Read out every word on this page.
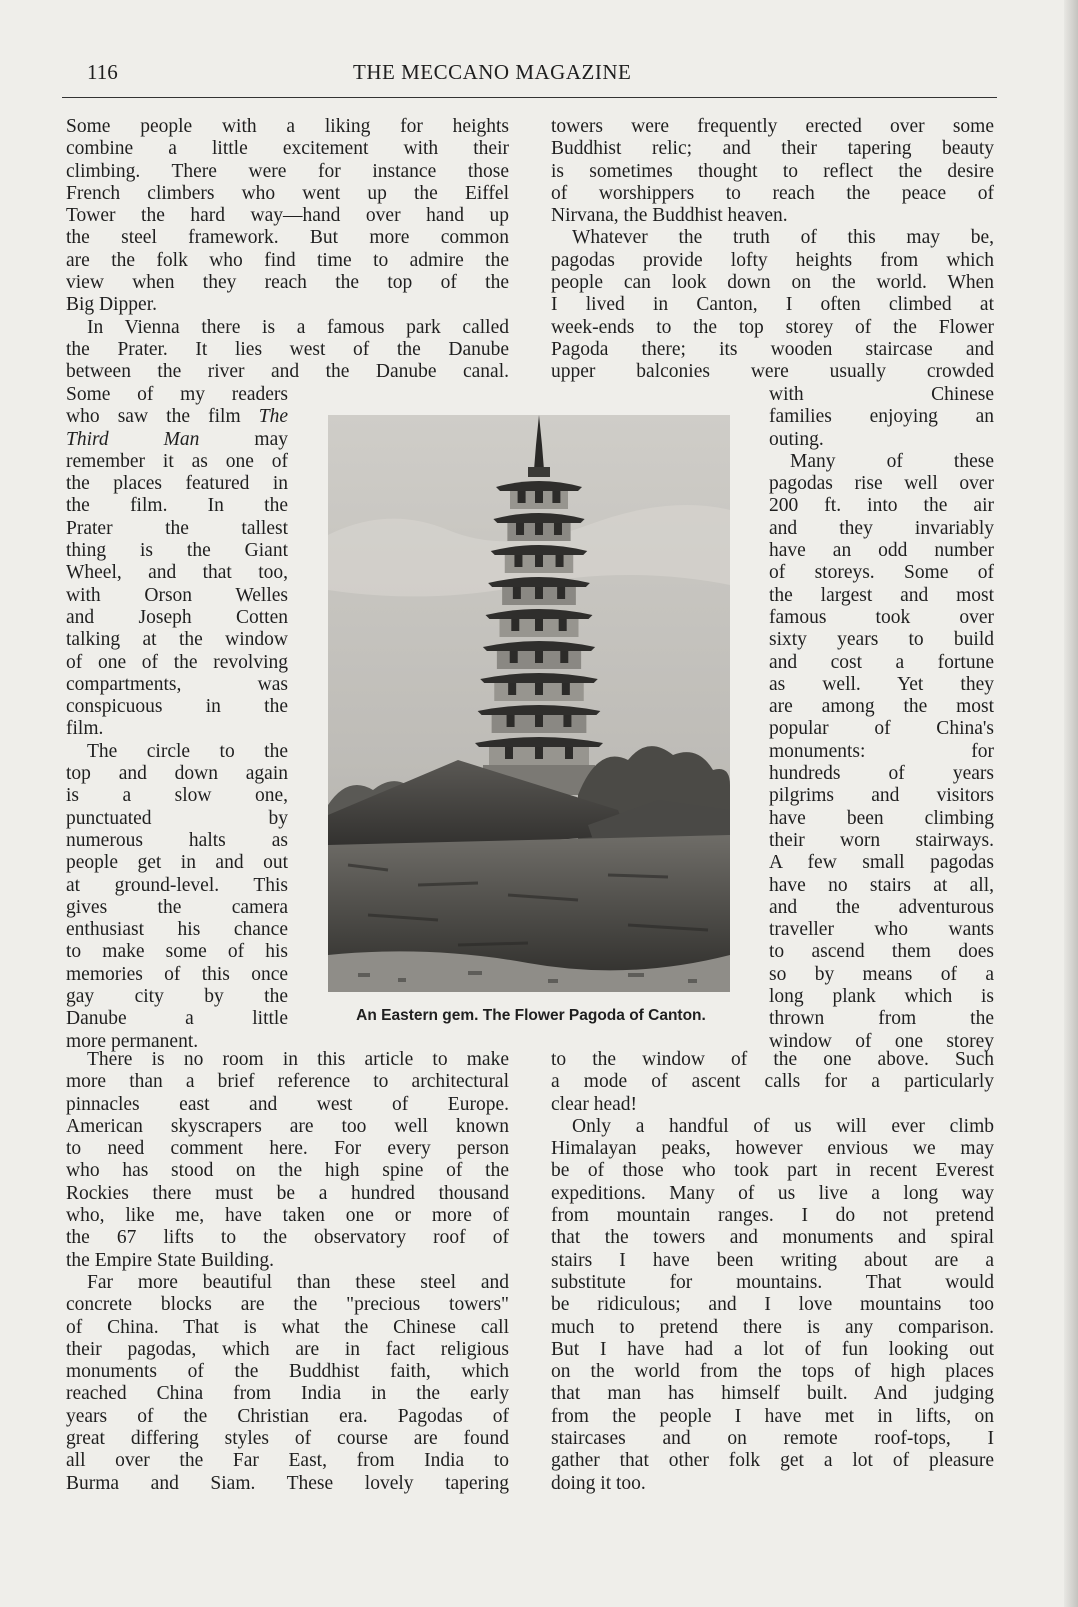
116	THE MECCANO MAGAZINE

Some people with a liking for heights

combine a little excitement with their

climbing. There were for instance those

French climbers who went up the Eiffel

Tower the hard way—hand over hand up

the steel framework. But more common

are the folk who find time to admire the

view when they reach the top of the

Big Dipper.

In Vienna there is a famous park called

the Prater. It lies west of the Danube

between the river and the Danube canal.

Some of my readers

who saw the film The

Third Man may

remember it as one of

the places featured in

the film. In the

Prater the tallest

thing is the Giant

Wheel, and that too,

with Orson Welles

and Joseph Cotten

talking at the window

of one of the revolving

compartments, was

conspicuous in the

film.

The circle to the

top and down again

is a slow one,

punctuated by

numerous halts as

people get in and out

at ground-level. This

gives the camera

enthusiast his chance

to make some of his

memories of this once

gay city by the

Danube a little

more permanent.

There is no room in this article to make

more than a brief reference to architectural

pinnacles east and west of Europe.

American skyscrapers are too well known

to need comment here. For every person

who has stood on the high spine of the

Rockies there must be a hundred thousand

who, like me, have taken one or more of

the 67 lifts to the observatory roof of

the Empire State Building.

Far more beautiful than these steel and

concrete blocks are the "precious towers"

of China. That is what the Chinese call

their pagodas, which are in fact religious

monuments of the Buddhist faith, which

reached China from India in the early

years of the Christian era. Pagodas of

great differing styles of course are found

all over the Far East, from India to

Burma and Siam. These lovely tapering

towers were frequently erected over some

Buddhist relic; and their tapering beauty

is sometimes thought to reflect the desire

of worshippers to reach the peace of

Nirvana, the Buddhist heaven.

Whatever the truth of this may be,

pagodas provide lofty heights from which

people can look down on the world. When

I lived in Canton, I often climbed at

week-ends to the top storey of the Flower

Pagoda there; its wooden staircase and

upper balconies were usually crowded

with Chinese

families enjoying an

outing.

Many of these

pagodas rise well over

200 ft. into the air

and they invariably

have an odd number

of storeys. Some of

the largest and most

famous took over

sixty years to build

and cost a fortune

as well. Yet they

are among the most

popular of China's

monuments: for

hundreds of years

pilgrims and visitors

have been climbing

their worn stairways.

A few small pagodas

have no stairs at all,

and the adventurous

traveller who wants

to ascend them does

so by means of a

long plank which is

thrown from the

window of one storey

to the window of the one above. Such

a mode of ascent calls for a particularly

clear head!

Only a handful of us will ever climb

Himalayan peaks, however envious we may

be of those who took part in recent Everest

expeditions. Many of us live a long way

from mountain ranges. I do not pretend

that the towers and monuments and spiral

stairs I have been writing about are a

substitute for mountains. That would

be ridiculous; and I love mountains too

much to pretend there is any comparison.

But I have had a lot of fun looking out

on the world from the tops of high places

that man has himself built. And judging

from the people I have met in lifts, on

staircases and on remote roof-tops, I

gather that other folk get a lot of pleasure

doing it too.

An Eastern gem. The Flower Pagoda of Canton.
